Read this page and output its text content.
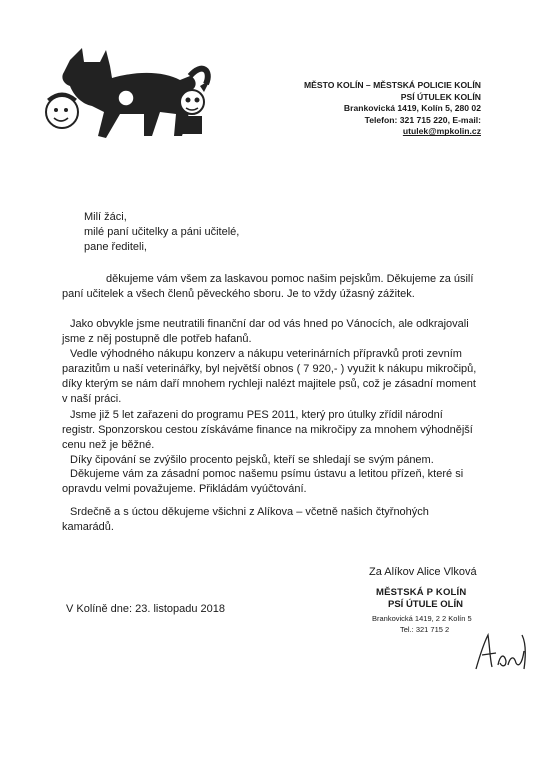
MĚSTO KOLÍN – MĚSTSKÁ POLICIE KOLÍN
PSÍ ÚTULEK KOLÍN
Brankovická 1419, Kolín 5, 280 02
Telefon: 321 715 220, E-mail:
utulek@mpkolin.cz
Milí žáci,
milé paní učitelky a páni učitelé,
pane řediteli,
děkujeme vám všem za laskavou pomoc našim pejskům. Děkujeme za úsilí
paní učitelek a všech členů pěveckého sboru. Je to vždy úžasný zážitek.
Jako obvykle jsme neutratili finanční dar od vás hned po Vánocích, ale odkrajovali
jsme z něj postupně dle potřeb hafanů.
Vedle výhodného nákupu konzerv a nákupu veterinárních přípravků proti zevním
parazitům u naší veterinářky, byl největší obnos ( 7 920,- ) využit k nákupu mikročipů,
díky kterým se nám daří mnohem rychleji nalézt majitele psů, což je zásadní moment
v naší práci.
Jsme již 5 let zařazeni do programu PES 2011, který pro útulky zřídil národní
registr. Sponzorskou cestou získáváme finance na mikročipy za mnohem výhodnější
cenu než je běžné.
Díky čipování se zvýšilo procento pejsků, kteří se shledají se svým pánem.
Děkujeme vám za zásadní pomoc našemu psímu ústavu a letitou přízeň, které si
opravdu velmi považujeme. Přikládám vyúčtování.
Srdečně a s úctou děkujeme všichni z Alíkova – včetně našich čtyřnohých
kamarádů.
Za Alíkov Alice Vlková
V Kolíně dne: 23. listopadu 2018
MĚSTSKÁ P KOLÍN
PSÍ ÚTULE OLÍN
Brankovická 1419, 2 2 Kolín 5
Tel.: 321 715 2
